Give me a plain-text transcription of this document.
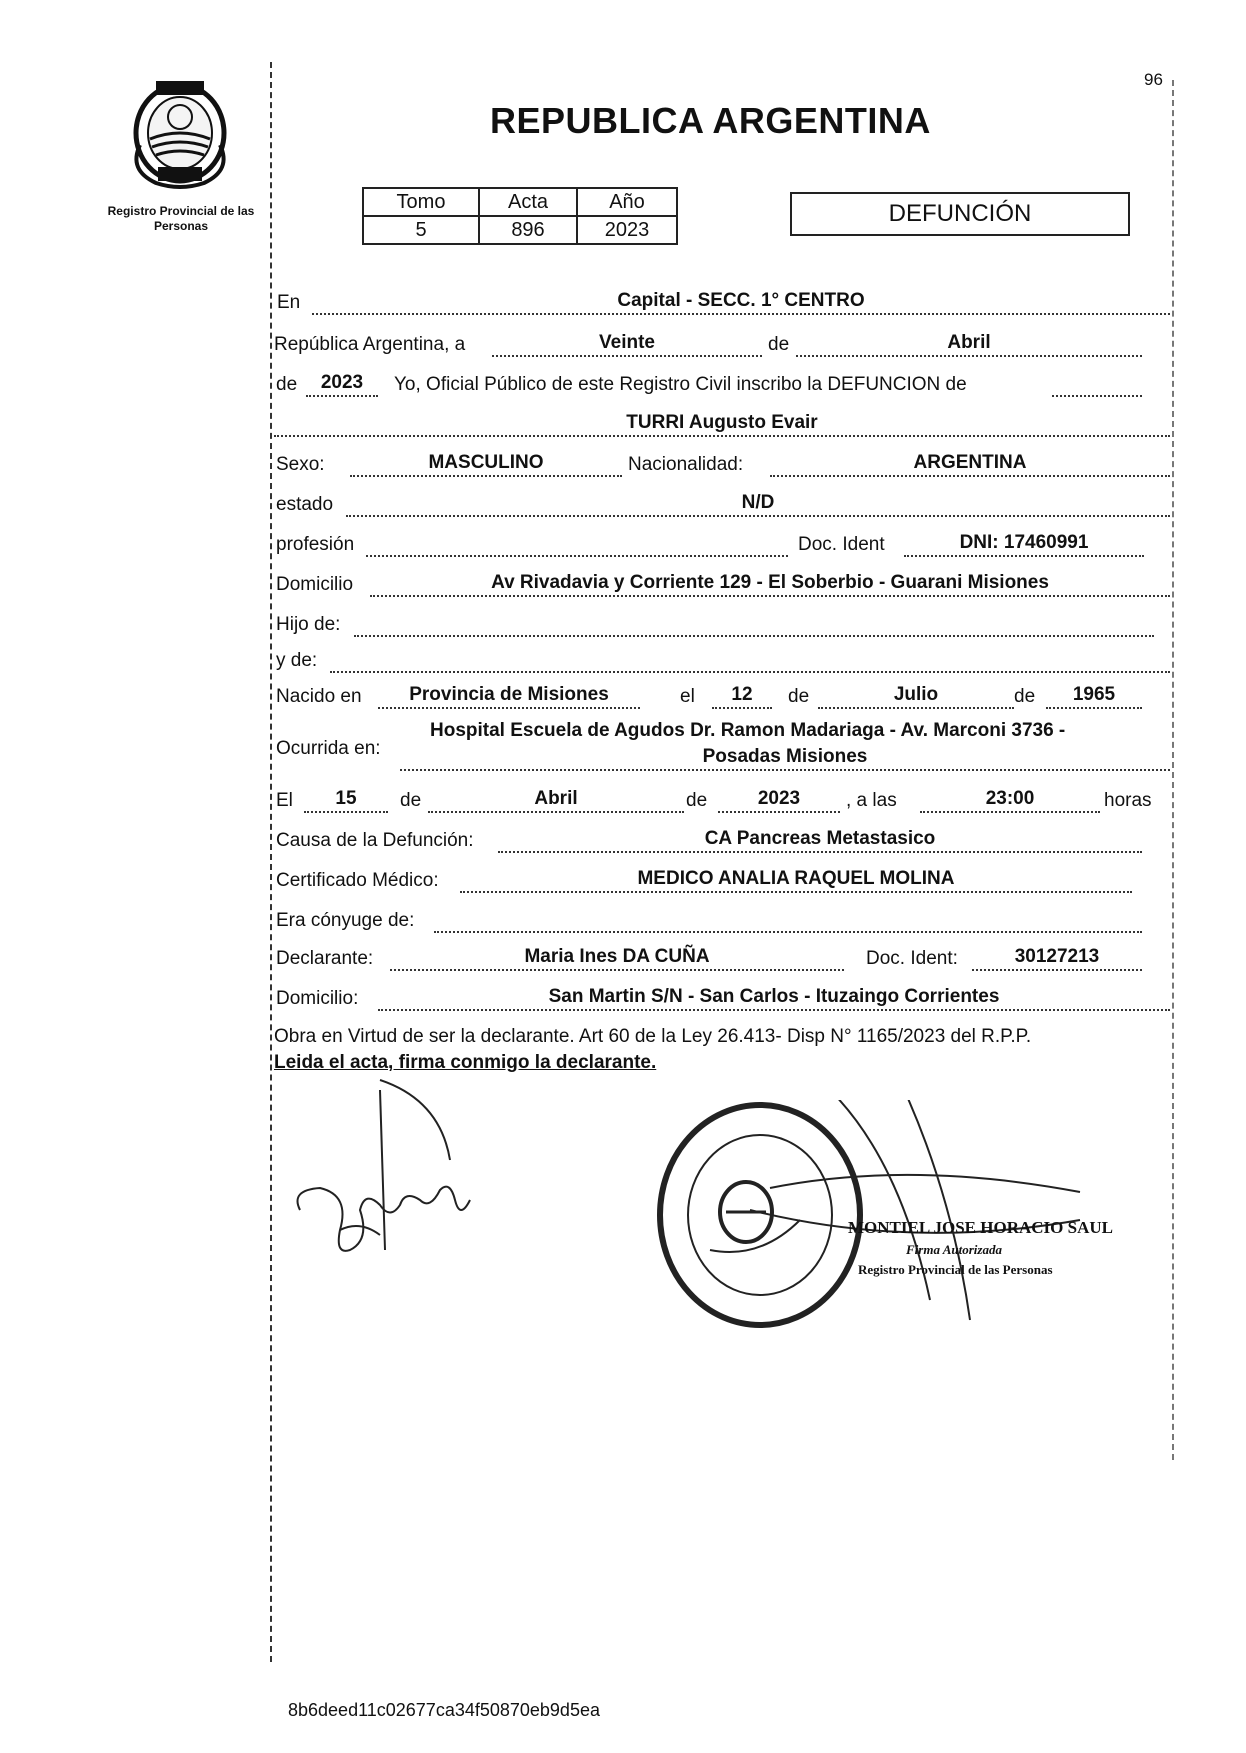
96
Registro Provincial de las Personas
REPUBLICA ARGENTINA
Tomo	Acta	Año
5	896	2023
DEFUNCIÓN
En	Capital - SECC. 1° CENTRO
República Argentina, a	Veinte	de	Abril
de	2023	Yo, Oficial Público de este Registro Civil inscribo la DEFUNCION de
TURRI Augusto Evair
Sexo:	MASCULINO	Nacionalidad:	ARGENTINA
estado	N/D
profesión	Doc. Ident	DNI: 17460991
Domicilio	Av Rivadavia y Corriente 129 - El Soberbio - Guarani Misiones
Hijo de:
y de:
Nacido en	Provincia de Misiones	el	12	de	Julio	de	1965
Ocurrida en:
Hospital Escuela de Agudos Dr. Ramon Madariaga - Av. Marconi 3736 -
Posadas Misiones
El	15	de	Abril	de	2023	, a las	23:00	horas
Causa de la Defunción:	CA Pancreas Metastasico
Certificado Médico:	MEDICO ANALIA RAQUEL MOLINA
Era cónyuge de:
Declarante:	Maria Ines DA CUÑA	Doc. Ident:	30127213
Domicilio:	San Martin S/N - San Carlos - Ituzaingo Corrientes
Obra en Virtud de ser la declarante. Art 60 de la Ley 26.413- Disp N° 1165/2023 del R.P.P.
Leida el acta, firma conmigo la declarante.
MONTIEL JOSE HORACIO SAUL
Firma Autorizada
Registro Provincial de las Personas
8b6deed11c02677ca34f50870eb9d5ea
